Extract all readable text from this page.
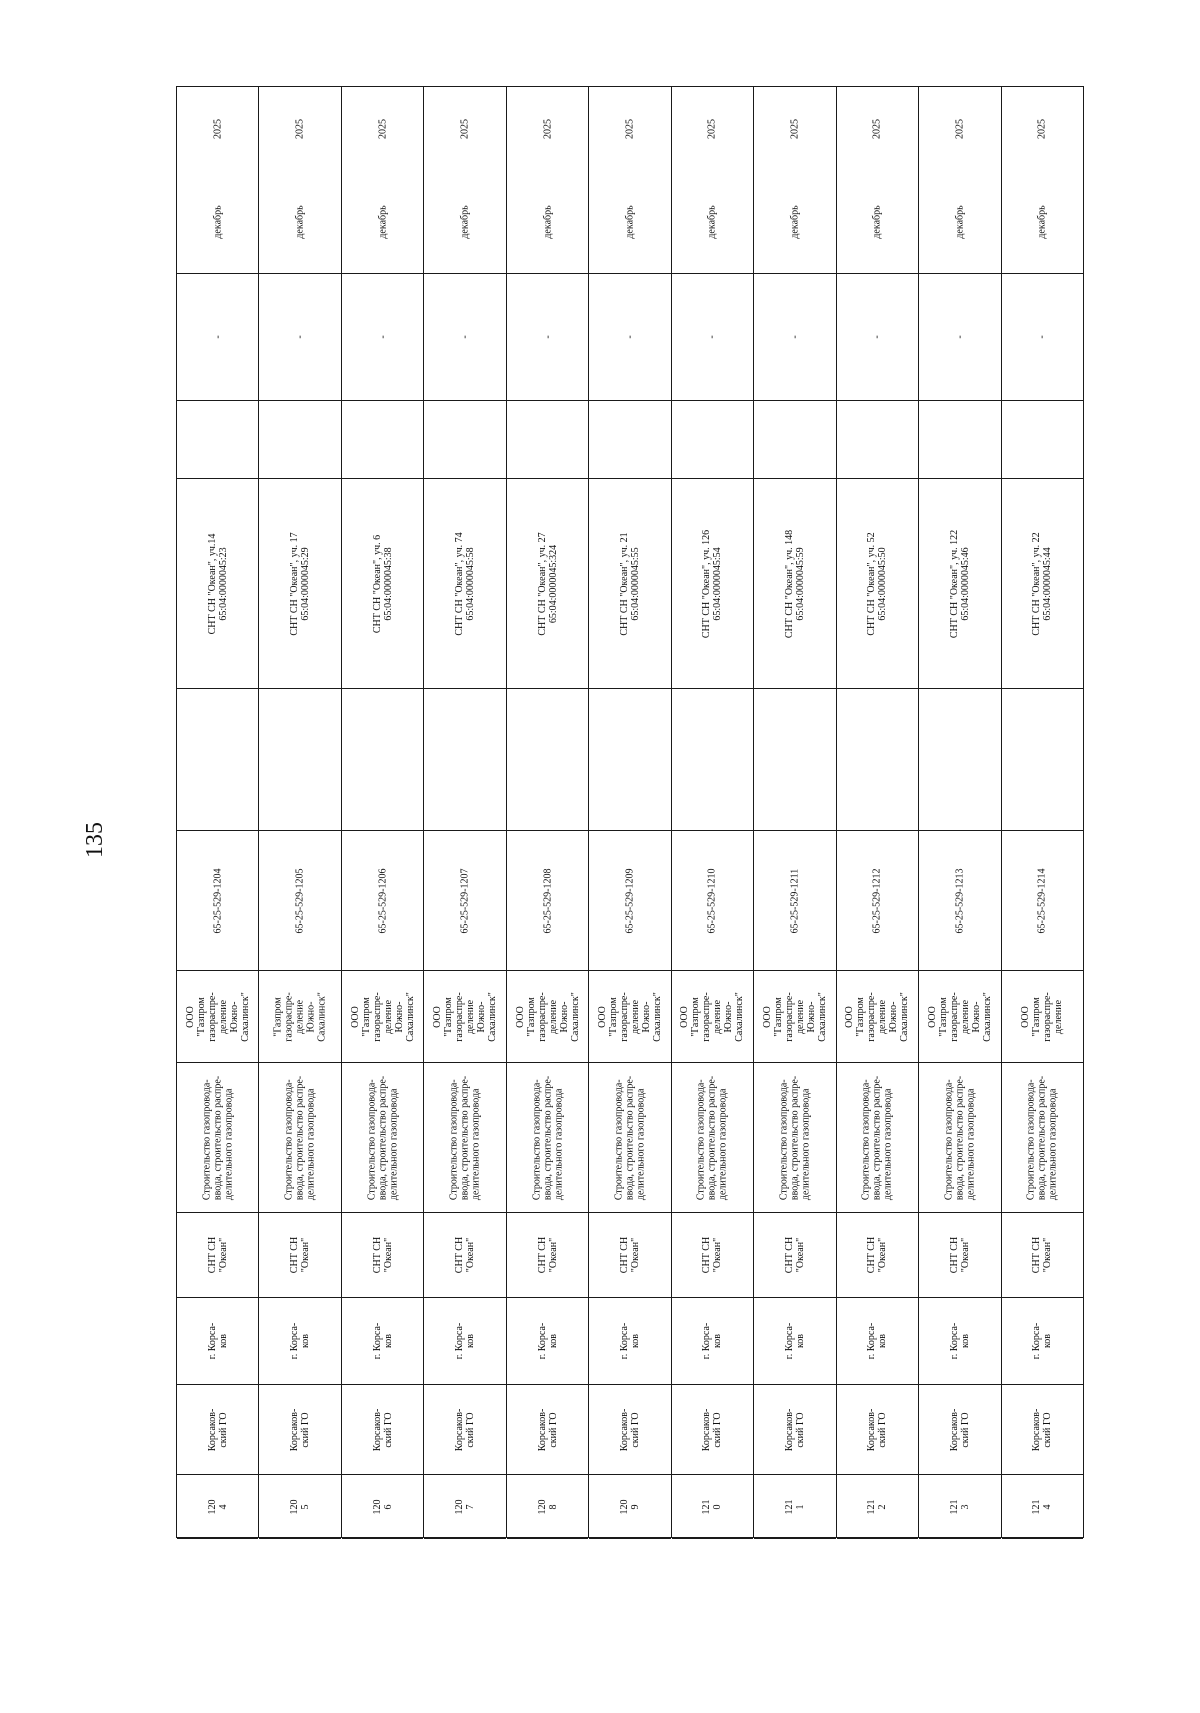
135
120 4
Корсаков- ский ГО
г. Корса- ков
СНТ СН "Океан"
Строительство газопровода- ввода, строительство распре- делительного газопровода
ООО "Газпром газораспре- деление Южно- Сахалинск"
65-25-529-1204
СНТ СН "Океан", уч.14 65:04:0000045:23
-
декабрь
2025
120 5
Корсаков- ский ГО
г. Корса- ков
СНТ СН "Океан"
Строительство газопровода- ввода, строительство распре- делительного газопровода
"Газпром газораспре- деление Южно- Сахалинск"
65-25-529-1205
СНТ СН "Океан", уч. 17 65:04:0000045:29
-
декабрь
2025
120 6
Корсаков- ский ГО
г. Корса- ков
СНТ СН "Океан"
Строительство газопровода- ввода, строительство распре- делительного газопровода
ООО "Газпром газораспре- деление Южно- Сахалинск"
65-25-529-1206
СНТ СН "Океан", уч. 6 65:04:0000045:38
-
декабрь
2025
120 7
Корсаков- ский ГО
г. Корса- ков
СНТ СН "Океан"
Строительство газопровода- ввода, строительство распре- делительного газопровода
ООО "Газпром газораспре- деление Южно- Сахалинск"
65-25-529-1207
СНТ СН "Океан", уч. 74 65:04:0000045:58
-
декабрь
2025
120 8
Корсаков- ский ГО
г. Корса- ков
СНТ СН "Океан"
Строительство газопровода- ввода, строительство распре- делительного газопровода
ООО "Газпром газораспре- деление Южно- Сахалинск"
65-25-529-1208
СНТ СН "Океан", уч. 27 65:04:0000045:324
-
декабрь
2025
120 9
Корсаков- ский ГО
г. Корса- ков
СНТ СН "Океан"
Строительство газопровода- ввода, строительство распре- делительного газопровода
ООО "Газпром газораспре- деление Южно- Сахалинск"
65-25-529-1209
СНТ СН "Океан", уч. 21 65:04:0000045:55
-
декабрь
2025
121 0
Корсаков- ский ГО
г. Корса- ков
СНТ СН "Океан"
Строительство газопровода- ввода, строительство распре- делительного газопровода
ООО "Газпром газораспре- деление Южно- Сахалинск"
65-25-529-1210
СНТ СН "Океан", уч. 126 65:04:0000045:54
-
декабрь
2025
121 1
Корсаков- ский ГО
г. Корса- ков
СНТ СН "Океан"
Строительство газопровода- ввода, строительство распре- делительного газопровода
ООО "Газпром газораспре- деление Южно- Сахалинск"
65-25-529-1211
СНТ СН "Океан", уч. 148 65:04:0000045:59
-
декабрь
2025
121 2
Корсаков- ский ГО
г. Корса- ков
СНТ СН "Океан"
Строительство газопровода- ввода, строительство распре- делительного газопровода
ООО "Газпром газораспре- деление Южно- Сахалинск"
65-25-529-1212
СНТ СН "Океан", уч. 52 65:04:0000045:50
-
декабрь
2025
121 3
Корсаков- ский ГО
г. Корса- ков
СНТ СН "Океан"
Строительство газопровода- ввода, строительство распре- делительного газопровода
ООО "Газпром газораспре- деление Южно- Сахалинск"
65-25-529-1213
СНТ СН "Океан", уч. 122 65:04:0000045:46
-
декабрь
2025
121 4
Корсаков- ский ГО
г. Корса- ков
СНТ СН "Океан"
Строительство газопровода- ввода, строительство распре- делительного газопровода
ООО "Газпром газораспре- деление
65-25-529-1214
СНТ СН "Океан", уч. 22 65:04:0000045:44
-
декабрь
2025
